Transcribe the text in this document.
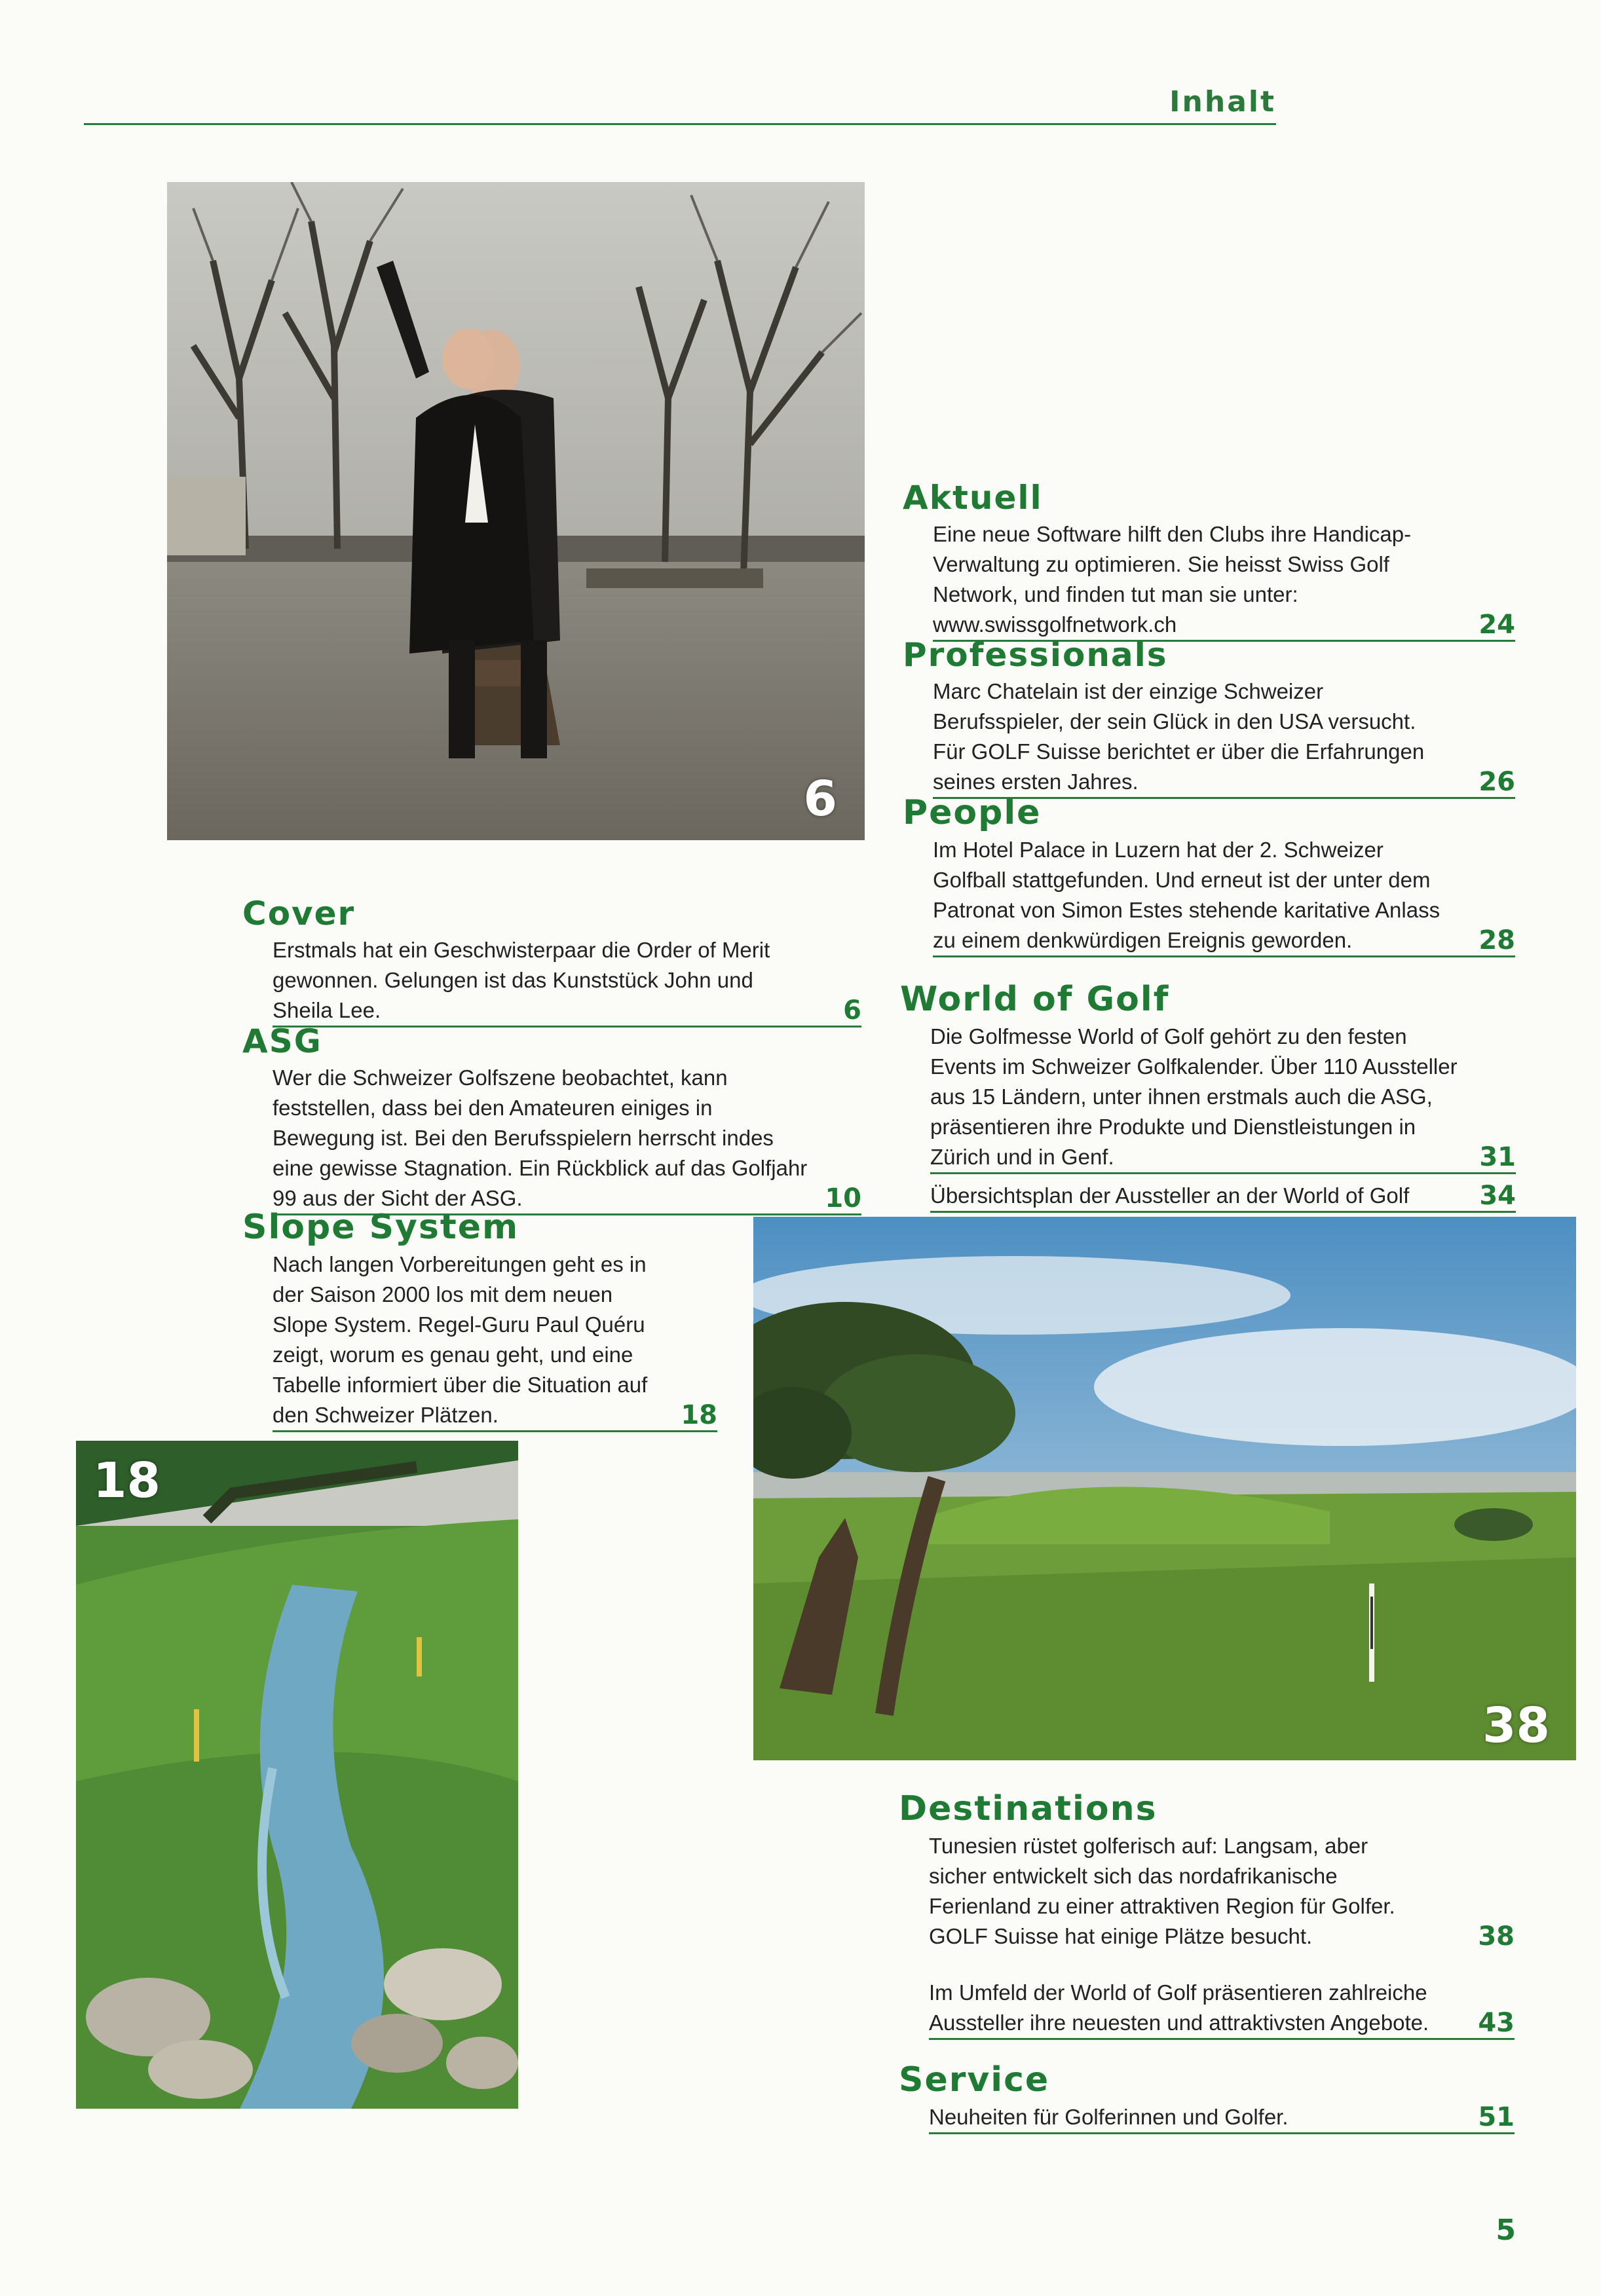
Inhalt
6
Aktuell
Eine neue Software hilft den Clubs ihre Handicap-Verwaltung zu optimieren. Sie heisst Swiss Golf Network, und finden tut man sie unter: www.swissgolfnetwork.ch	24
Professionals
Marc Chatelain ist der einzige Schweizer Berufsspieler, der sein Glück in den USA versucht. Für GOLF Suisse berichtet er über die Erfahrungen seines ersten Jahres.	26
People
Im Hotel Palace in Luzern hat der 2. Schweizer Golfball stattgefunden. Und erneut ist der unter dem Patronat von Simon Estes stehende karitative Anlass zu einem denkwürdigen Ereignis geworden.	28
World of Golf
Die Golfmesse World of Golf gehört zu den festen Events im Schweizer Golfkalender. Über 110 Aussteller aus 15 Ländern, unter ihnen erstmals auch die ASG, präsentieren ihre Produkte und Dienstleistungen in Zürich und in Genf.	31
Übersichtsplan der Aussteller an der World of Golf	34
Cover
Erstmals hat ein Geschwisterpaar die Order of Merit gewonnen. Gelungen ist das Kunststück John und Sheila Lee.	6
ASG
Wer die Schweizer Golfszene beobachtet, kann feststellen, dass bei den Amateuren einiges in Bewegung ist. Bei den Berufsspielern herrscht indes eine gewisse Stagnation. Ein Rückblick auf das Golfjahr 99 aus der Sicht der ASG.	10
Slope System
Nach langen Vorbereitungen geht es in der Saison 2000 los mit dem neuen Slope System. Regel-Guru Paul Quéru zeigt, worum es genau geht, und eine Tabelle informiert über die Situation auf den Schweizer Plätzen.	18
18
38
Destinations
Tunesien rüstet golferisch auf: Langsam, aber sicher entwickelt sich das nordafrikanische Ferienland zu einer attraktiven Region für Golfer. GOLF Suisse hat einige Plätze besucht.	38
Im Umfeld der World of Golf präsentieren zahlreiche Aussteller ihre neuesten und attraktivsten Angebote.	43
Service
Neuheiten für Golferinnen und Golfer.	51
5
